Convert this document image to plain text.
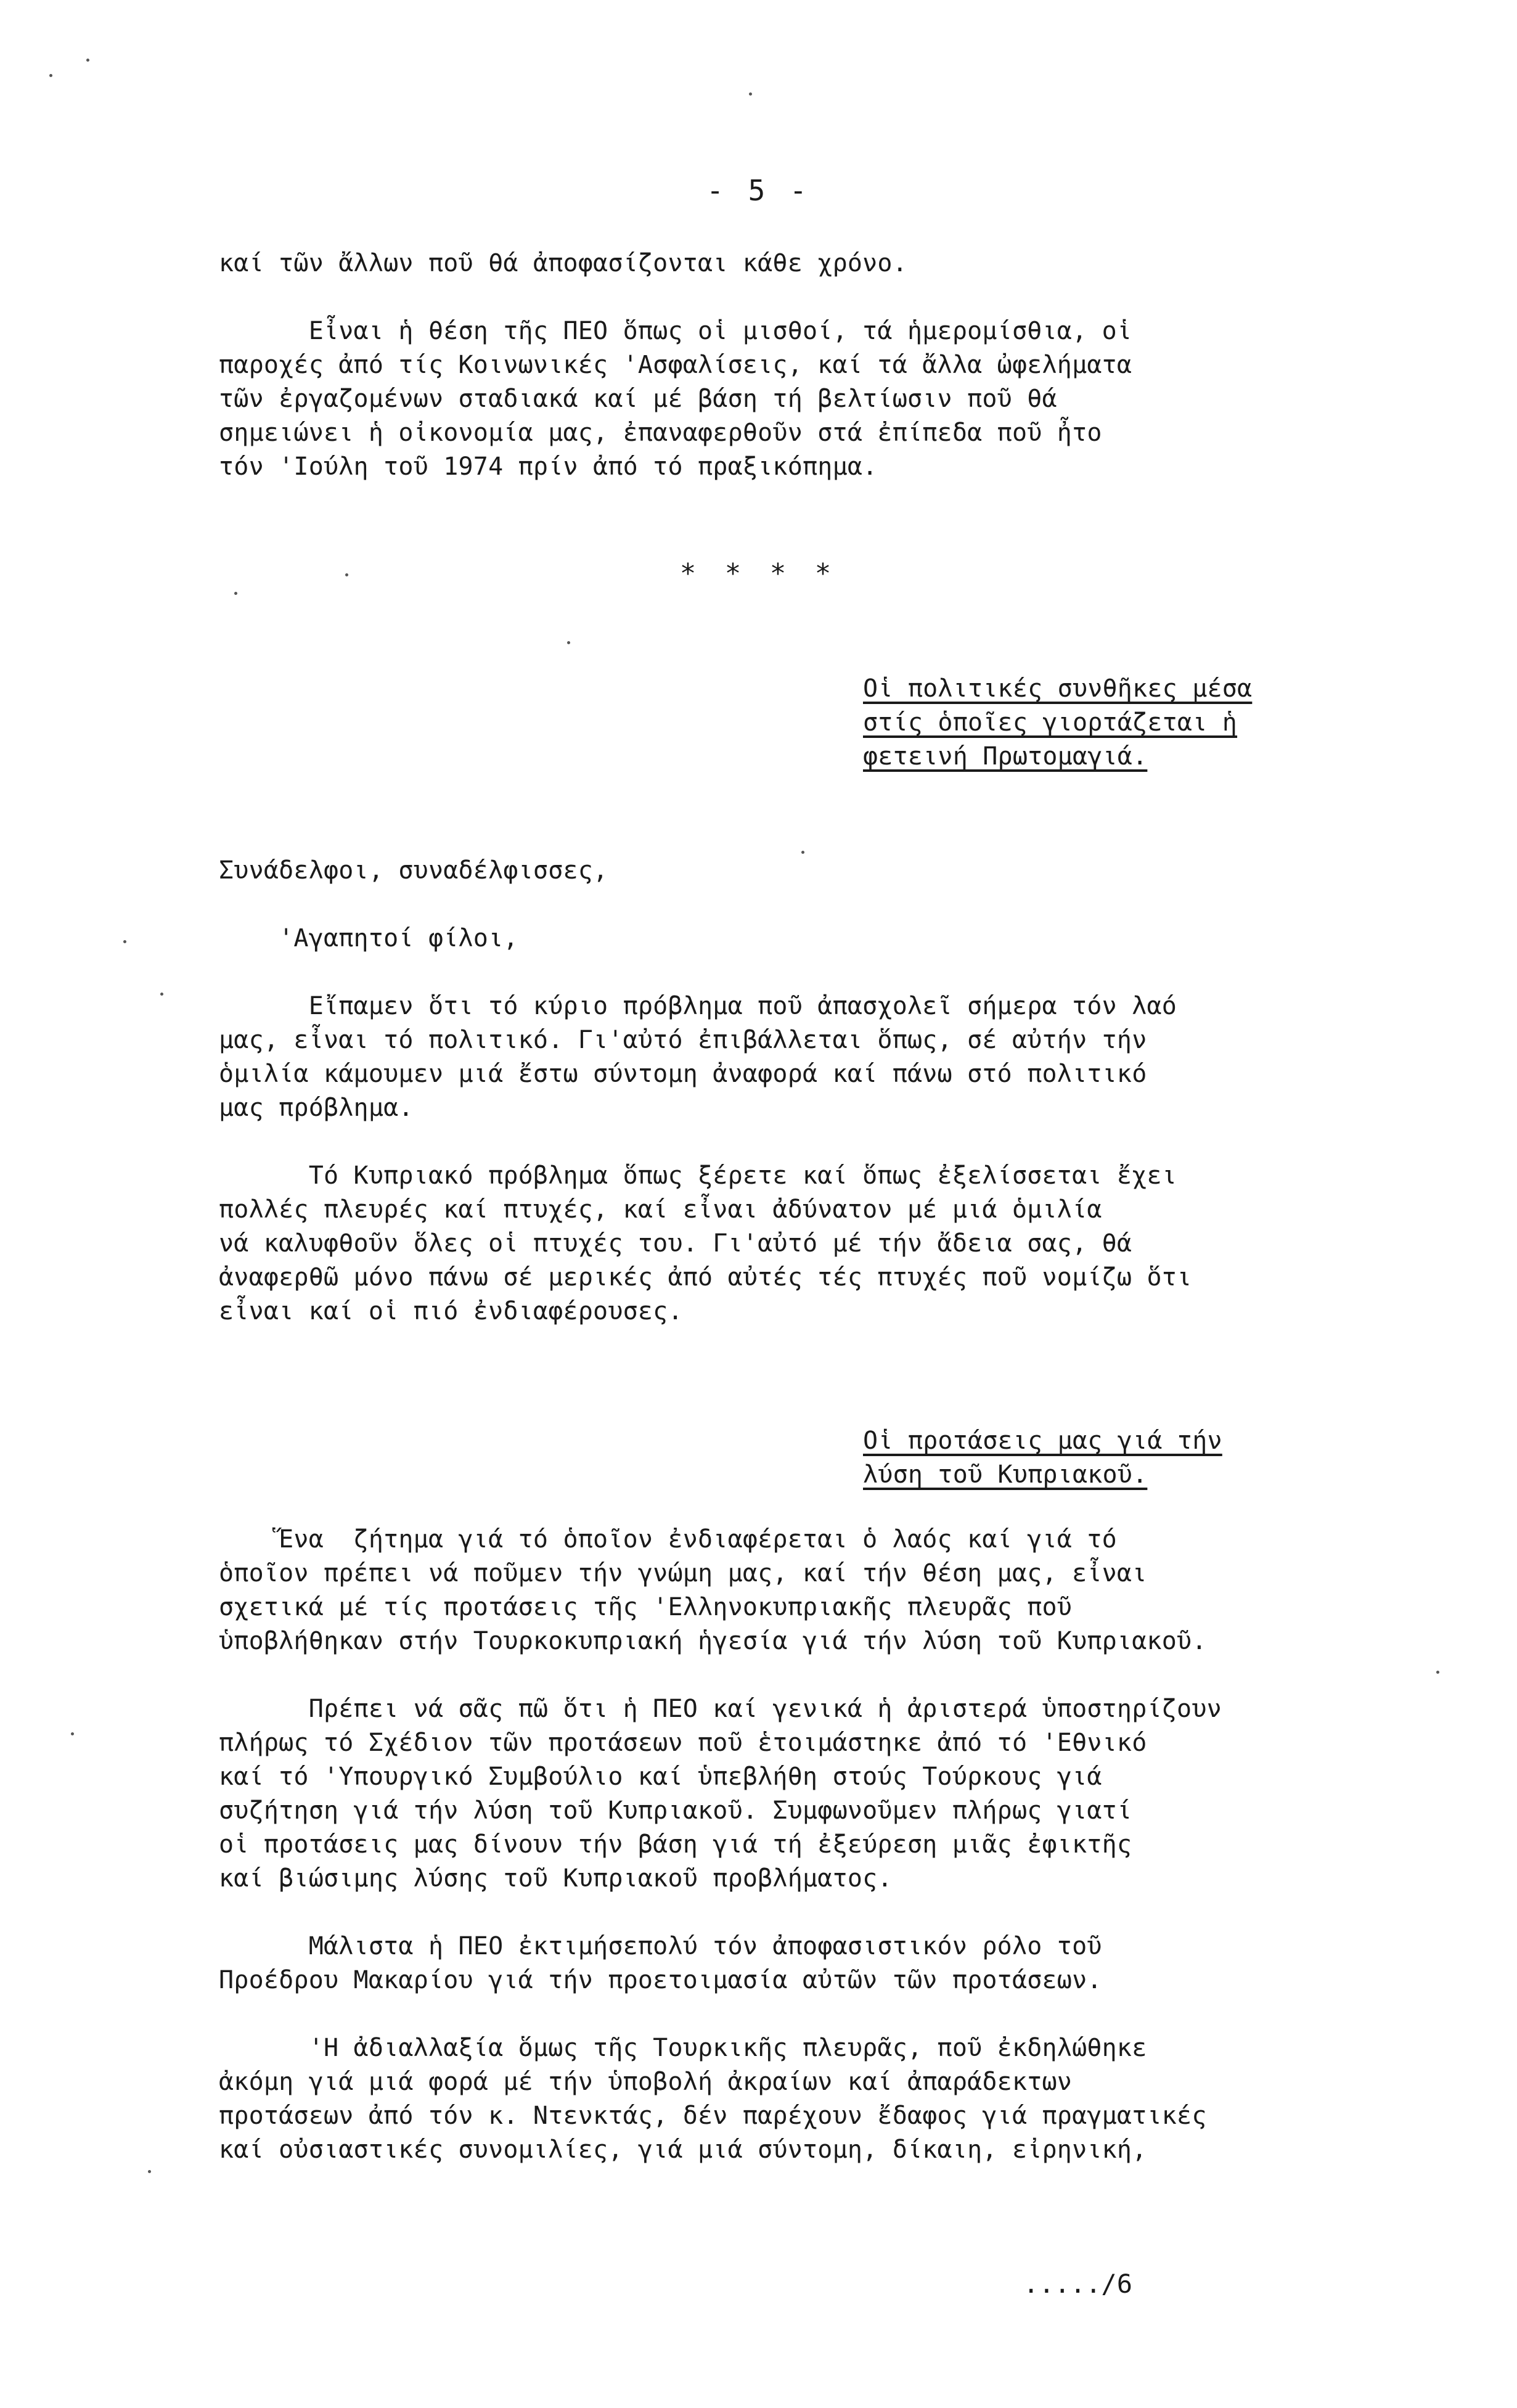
- 5 -
καί τῶν ἄλλων ποῦ θά ἀποφασίζονται κάθε χρόνο.
Εἶναι ἡ θέση τῆς ΠΕΟ ὅπως οἱ μισθοί, τά ἡμερομίσθια, οἱ
παροχές ἀπό τίς Κοινωνικές 'Ασφαλίσεις, καί τά ἄλλα ὠφελήματα
τῶν ἐργαζομένων σταδιακά καί μέ βάση τή βελτίωσιν ποῦ θά
σημειώνει ἡ οἰκονομία μας, ἐπαναφερθοῦν στά ἐπίπεδα ποῦ ἦτο
τόν 'Ιούλη τοῦ 1974 πρίν ἀπό τό πραξικόπημα.
* * * *
Οἱ πολιτικές συνθῆκες μέσα
στίς ὁποῖες γιορτάζεται ἡ
φετεινή Πρωτομαγιά.
Συνάδελφοι, συναδέλφισσες,
'Αγαπητοί φίλοι,
Εἴπαμεν ὅτι τό κύριο πρόβλημα ποῦ ἀπασχολεῖ σήμερα τόν λαό
μας, εἶναι τό πολιτικό. Γι'αὐτό ἐπιβάλλεται ὅπως, σέ αὐτήν τήν
ὁμιλία κάμουμεν μιά ἔστω σύντομη ἀναφορά καί πάνω στό πολιτικό
μας πρόβλημα.
Τό Κυπριακό πρόβλημα ὅπως ξέρετε καί ὅπως ἐξελίσσεται ἔχει
πολλές πλευρές καί πτυχές, καί εἶναι ἀδύνατον μέ μιά ὁμιλία
νά καλυφθοῦν ὅλες οἱ πτυχές του. Γι'αὐτό μέ τήν ἄδεια σας, θά
ἀναφερθῶ μόνο πάνω σέ μερικές ἀπό αὐτές τές πτυχές ποῦ νομίζω ὅτι
εἶναι καί οἱ πιό ἐνδιαφέρουσες.
Οἱ προτάσεις μας γιά τήν
λύση τοῦ Κυπριακοῦ.
Ἕνα  ζήτημα γιά τό ὁποῖον ἐνδιαφέρεται ὁ λαός καί γιά τό
ὁποῖον πρέπει νά ποῦμεν τήν γνώμη μας, καί τήν θέση μας, εἶναι
σχετικά μέ τίς προτάσεις τῆς 'Ελληνοκυπριακῆς πλευρᾶς ποῦ
ὑποβλήθηκαν στήν Τουρκοκυπριακή ἡγεσία γιά τήν λύση τοῦ Κυπριακοῦ.
Πρέπει νά σᾶς πῶ ὅτι ἡ ΠΕΟ καί γενικά ἡ ἀριστερά ὑποστηρίζουν
πλήρως τό Σχέδιον τῶν προτάσεων ποῦ ἑτοιμάστηκε ἀπό τό 'Εθνικό
καί τό 'Υπουργικό Συμβούλιο καί ὑπεβλήθη στούς Τούρκους γιά
συζήτηση γιά τήν λύση τοῦ Κυπριακοῦ. Συμφωνοῦμεν πλήρως γιατί
οἱ προτάσεις μας δίνουν τήν βάση γιά τή ἐξεύρεση μιᾶς ἐφικτῆς
καί βιώσιμης λύσης τοῦ Κυπριακοῦ προβλήματος.
Μάλιστα ἡ ΠΕΟ ἐκτιμήσεπολύ τόν ἀποφασιστικόν ρόλο τοῦ
Προέδρου Μακαρίου γιά τήν προετοιμασία αὐτῶν τῶν προτάσεων.
'Η ἀδιαλλαξία ὅμως τῆς Τουρκικῆς πλευρᾶς, ποῦ ἐκδηλώθηκε
ἀκόμη γιά μιά φορά μέ τήν ὑποβολή ἀκραίων καί ἀπαράδεκτων
προτάσεων ἀπό τόν κ. Ντενκτάς, δέν παρέχουν ἔδαφος γιά πραγματικές
καί οὐσιαστικές συνομιλίες, γιά μιά σύντομη, δίκαιη, εἰρηνική,
...../6
